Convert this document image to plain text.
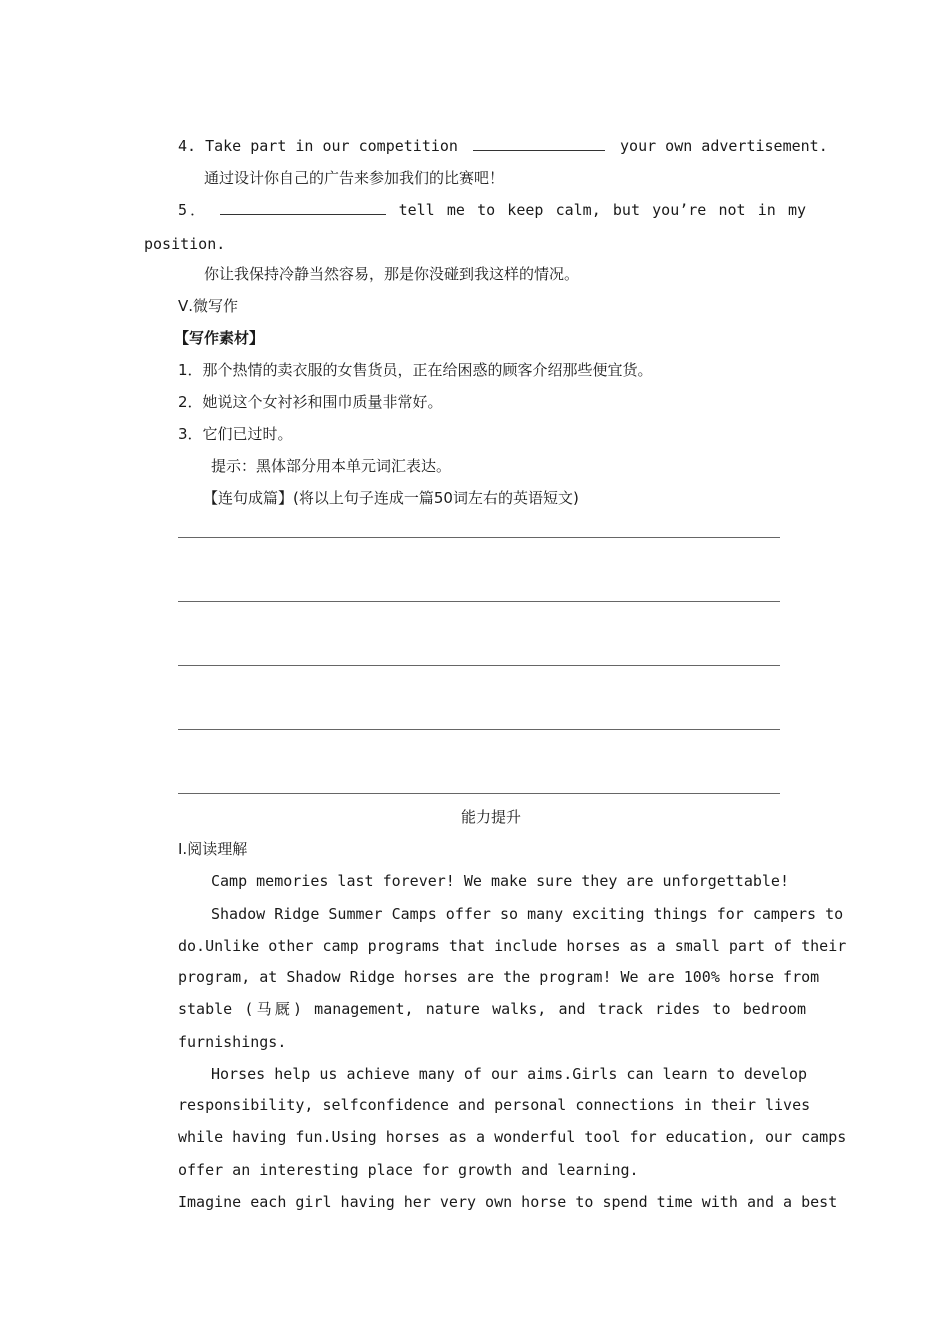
4. Take part in our competition	your own advertisement.
通过设计你自己的广告来参加我们的比赛吧！
5．	tell me to keep calm, but you’re not in my
position.
你让我保持冷静当然容易，那是你没碰到我这样的情况。
Ⅴ.微写作
【写作素材】
1．那个热情的卖衣服的女售货员，正在给困惑的顾客介绍那些便宜货。
2．她说这个女衬衫和围巾质量非常好。
3．它们已过时。
提示：黑体部分用本单元词汇表达。
【连句成篇】(将以上句子连成一篇50词左右的英语短文)
能力提升
Ⅰ.阅读理解
Camp memories last forever! We make sure they are unforgettable!
Shadow Ridge Summer Camps offer so many exciting things for campers to
do.Unlike other camp programs that include horses as a small part of their
program, at Shadow Ridge horses are the program! We are 100% horse from
stable (马厩) management, nature walks, and track rides to bedroom
furnishings.
Horses help us achieve many of our aims.Girls can learn to develop
responsibility, selfconfidence and personal connections in their lives
while having fun.Using horses as a wonderful tool for education, our camps
offer an interesting place for growth and learning.
Imagine each girl having her very own horse to spend time with and a best
